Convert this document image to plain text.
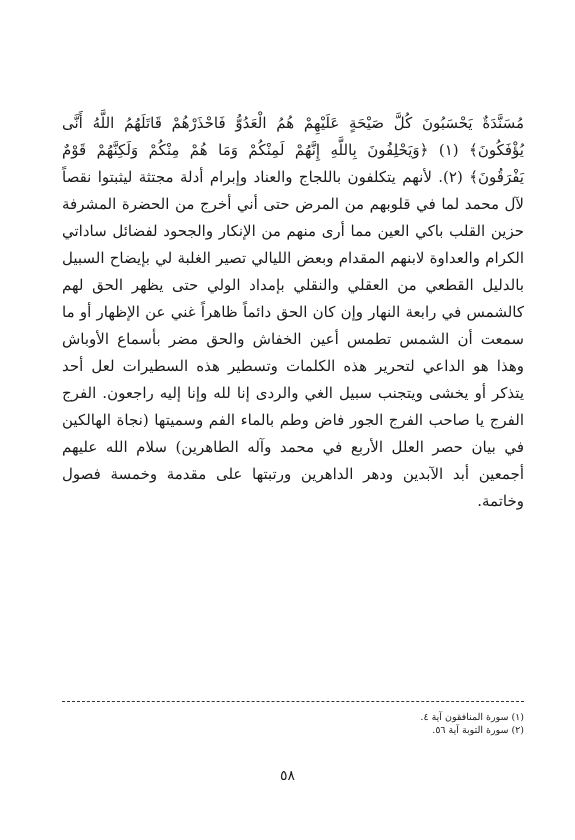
مُسَنَّدَةٌ يَحْسَبُونَ كُلَّ صَيْحَةٍ عَلَيْهِمْ هُمُ الْعَدُوُّ فَاحْذَرْهُمْ قَاتَلَهُمُ اللَّهُ أَنَّى يُؤْفَكُونَ﴾ (١) ﴿وَيَحْلِفُونَ بِاللَّهِ إِنَّهُمْ لَمِنْكُمْ وَمَا هُمْ مِنْكُمْ وَلَكِنَّهُمْ قَوْمٌ يَفْرَقُونَ﴾ (٢). لأنهم يتكلفون باللجاج والعناد وإبرام أدلة مجتثة ليثبتوا نقصاً لآل محمد لما في قلوبهم من المرض حتى أني أخرج من الحضرة المشرفة حزين القلب باكي العين مما أرى منهم من الإنكار والجحود لفضائل ساداتي الكرام والعداوة لابنهم المقدام وبعض الليالي تصير الغلبة لي بإيضاح السبيل بالدليل القطعي من العقلي والنقلي بإمداد الولي حتى يظهر الحق لهم كالشمس في رابعة النهار وإن كان الحق دائماً ظاهراً غني عن الإظهار أو ما سمعت أن الشمس تطمس أعين الخفاش والحق مضر بأسماع الأوباش وهذا هو الداعي لتحرير هذه الكلمات وتسطير هذه السطيرات لعل أحد يتذكر أو يخشى ويتجنب سبيل الغي والردى إنا لله وإنا إليه راجعون. الفرج الفرج يا صاحب الفرج الجور فاض وطم بالماء الفم وسميتها (نجاة الهالكين في بيان حصر العلل الأربع في محمد وآله الطاهرين) سلام الله عليهم أجمعين أبد الآبدين ودهر الداهرين ورتبتها على مقدمة وخمسة فصول وخاتمة.

(١) سورة المنافقون آية ٤.

(٢) سورة التوبة آية ٥٦.

٥٨
